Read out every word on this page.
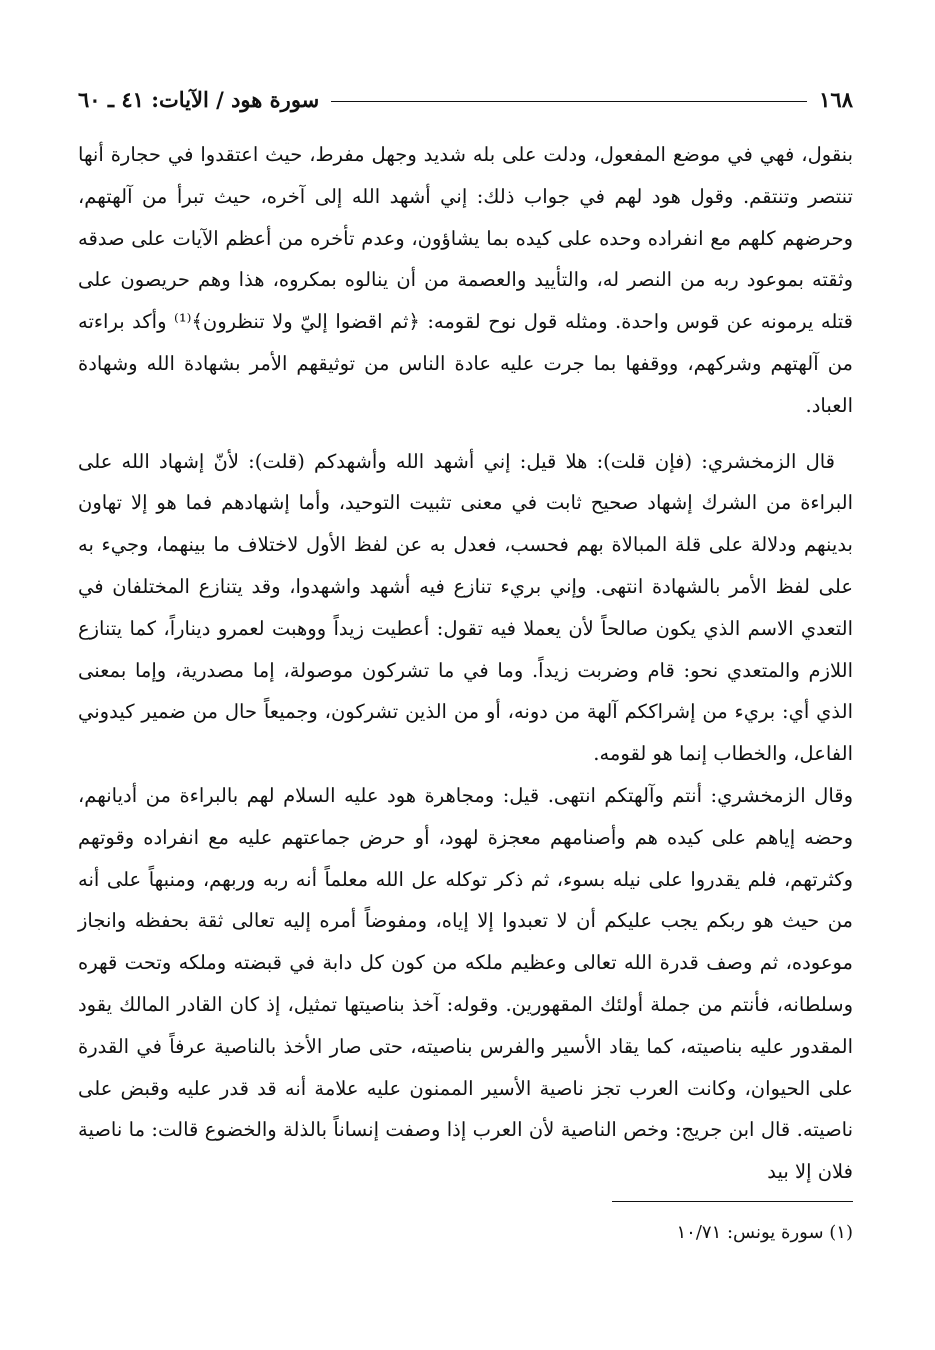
١٦٨
سورة هود / الآيات: ٤١ ـ ٦٠

بنقول، فهي في موضع المفعول، ودلت على بله شديد وجهل مفرط، حيث اعتقدوا في حجارة أنها تنتصر وتنتقم. وقول هود لهم في جواب ذلك: إني أشهد الله إلى آخره، حيث تبرأ من آلهتهم، وحرضهم كلهم مع انفراده وحده على كيده بما يشاؤون، وعدم تأخره من أعظم الآيات على صدقه وثقته بموعود ربه من النصر له، والتأييد والعصمة من أن ينالوه بمكروه، هذا وهم حريصون على قتله يرمونه عن قوس واحدة. ومثله قول نوح لقومه: ﴿ثم اقضوا إليّ ولا تنظرون﴾⁽¹⁾ وأكد براءته من آلهتهم وشركهم، ووقفها بما جرت عليه عادة الناس من توثيقهم الأمر بشهادة الله وشهادة العباد.

قال الزمخشري: (فإن قلت): هلا قيل: إني أشهد الله وأشهدكم (قلت): لأنّ إشهاد الله على البراءة من الشرك إشهاد صحيح ثابت في معنى تثبيت التوحيد، وأما إشهادهم فما هو إلا تهاون بدينهم ودلالة على قلة المبالاة بهم فحسب، فعدل به عن لفظ الأول لاختلاف ما بينهما، وجيء به على لفظ الأمر بالشهادة انتهى. وإني بريء تنازع فيه أشهد واشهدوا، وقد يتنازع المختلفان في التعدي الاسم الذي يكون صالحاً لأن يعملا فيه تقول: أعطيت زيداً ووهبت لعمرو ديناراً، كما يتنازع اللازم والمتعدي نحو: قام وضربت زيداً. وما في ما تشركون موصولة، إما مصدرية، وإما بمعنى الذي أي: بريء من إشراككم آلهة من دونه، أو من الذين تشركون، وجميعاً حال من ضمير كيدوني الفاعل، والخطاب إنما هو لقومه.

وقال الزمخشري: أنتم وآلهتكم انتهى. قيل: ومجاهرة هود عليه السلام لهم بالبراءة من أديانهم، وحضه إياهم على كيده هم وأصنامهم معجزة لهود، أو حرض جماعتهم عليه مع انفراده وقوتهم وكثرتهم، فلم يقدروا على نيله بسوء، ثم ذكر توكله عل الله معلماً أنه ربه وربهم، ومنبهاً على أنه من حيث هو ربكم يجب عليكم أن لا تعبدوا إلا إياه، ومفوضاً أمره إليه تعالى ثقة بحفظه وانجاز موعوده، ثم وصف قدرة الله تعالى وعظيم ملكه من كون كل دابة في قبضته وملكه وتحت قهره وسلطانه، فأنتم من جملة أولئك المقهورين. وقوله: آخذ بناصيتها تمثيل، إذ كان القادر المالك يقود المقدور عليه بناصيته، كما يقاد الأسير والفرس بناصيته، حتى صار الأخذ بالناصية عرفاً في القدرة على الحيوان، وكانت العرب تجز ناصية الأسير الممنون عليه علامة أنه قد قدر عليه وقبض على ناصيته. قال ابن جريج: وخص الناصية لأن العرب إذا وصفت إنساناً بالذلة والخضوع قالت: ما ناصية فلان إلا بيد

(١) سورة يونس: ١٠/٧١
